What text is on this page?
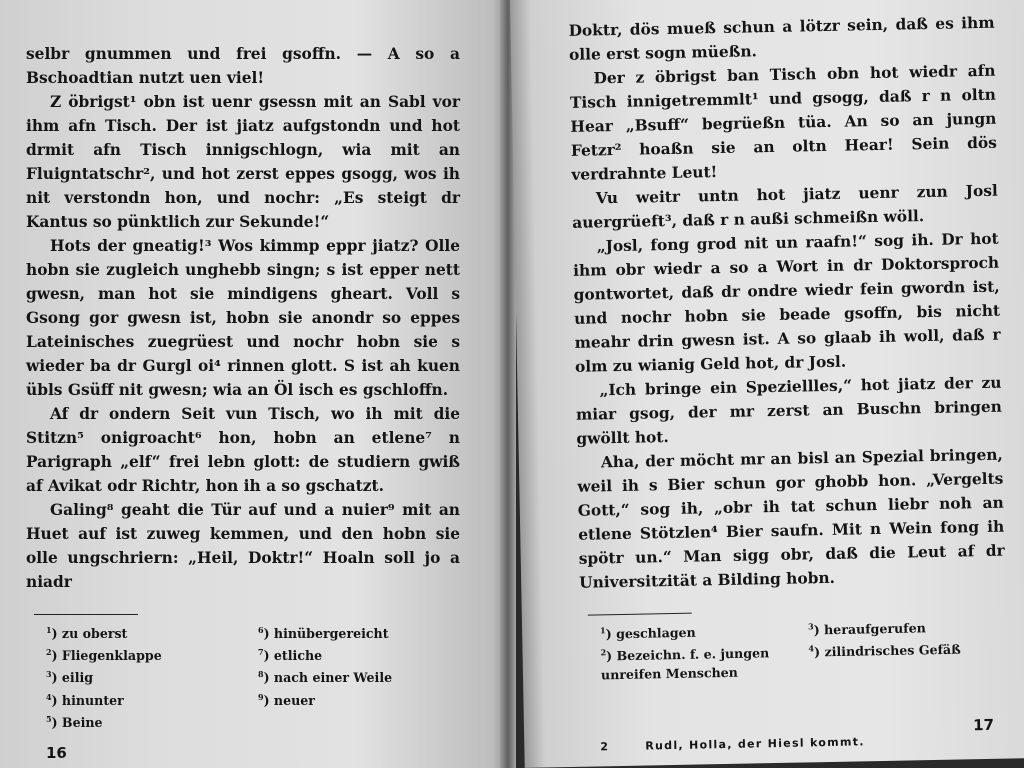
selbr gnummen und frei gsoffn. — A so a Bschoadtian nutzt uen viel!

Z öbrigst¹ obn ist uenr gsessn mit an Sabl vor ihm afn Tisch. Der ist jiatz aufgstondn und hot drmit afn Tisch innigschlogn, wia mit an Fluigntatschr², und hot zerst eppes gsogg, wos ih nit verstondn hon, und nochr: „Es steigt dr Kantus so pünktlich zur Sekunde!“

Hots der gneatig!³ Wos kimmp eppr jiatz? Olle hobn sie zugleich unghebb singn; s ist epper nett gwesn, man hot sie mindigens gheart. Voll s Gsong gor gwesn ist, hobn sie anondr so eppes Lateinisches zuegrüest und nochr hobn sie s wieder ba dr Gurgl oi⁴ rinnen glott. S ist ah kuen übls Gsüff nit gwesn; wia an Öl isch es gschloffn.

Af dr ondern Seit vun Tisch, wo ih mit die Stitzn⁵ onigroacht⁶ hon, hobn an etlene⁷ n Parigraph „elf“ frei lebn glott: de studiern gwiß af Avikat odr Richtr, hon ih a so gschatzt.

Galing⁸ geaht die Tür auf und a nuier⁹ mit an Huet auf ist zuweg kemmen, und den hobn sie olle ungschriern: „Heil, Doktr!“ Hoaln soll jo a niadr

$^1$) zu oberst
$^2$) Fliegenklappe
$^3$) eilig
$^4$) hinunter
$^5$) Beine
$^6$) hinübergereicht
$^7$) etliche
$^8$) nach einer Weile
$^9$) neuer
16

Doktr, dös mueß schun a lötzr sein, daß es ihm olle erst sogn müeßn.

Der z öbrigst ban Tisch obn hot wiedr afn Tisch innigetremmlt¹ und gsogg, daß r n oltn Hear „Bsuff“ begrüeßn tüa. An so an jungn Fetzr² hoaßn sie an oltn Hear! Sein dös verdrahnte Leut!

Vu weitr untn hot jiatz uenr zun Josl auergrüeft³, daß r n außi schmeißn wöll.

„Josl, fong grod nit un raafn!“ sog ih. Dr hot ihm obr wiedr a so a Wort in dr Doktorsproch gontwortet, daß dr ondre wiedr fein gwordn ist, und nochr hobn sie beade gsoffn, bis nicht meahr drin gwesn ist. A so glaab ih woll, daß r olm zu wianig Geld hot, dr Josl.

„Ich bringe ein Speziellles,“ hot jiatz der zu miar gsog, der mr zerst an Buschn bringen gwöllt hot.

Aha, der möcht mr an bisl an Spezial bringen, weil ih s Bier schun gor ghobb hon. „Vergelts Gott,“ sog ih, „obr ih tat schun liebr noh an etlene Stötzlen⁴ Bier saufn. Mit n Wein fong ih spötr un.“ Man sigg obr, daß die Leut af dr Universitzität a Bilding hobn.

$^1$) geschlagen
$^2$) Bezeichn. f. e. jungen unreifen Menschen
$^3$) heraufgerufen
$^4$) zilindrisches Gefäß
2	Rudl, Holla, der Hiesl kommt.
17
